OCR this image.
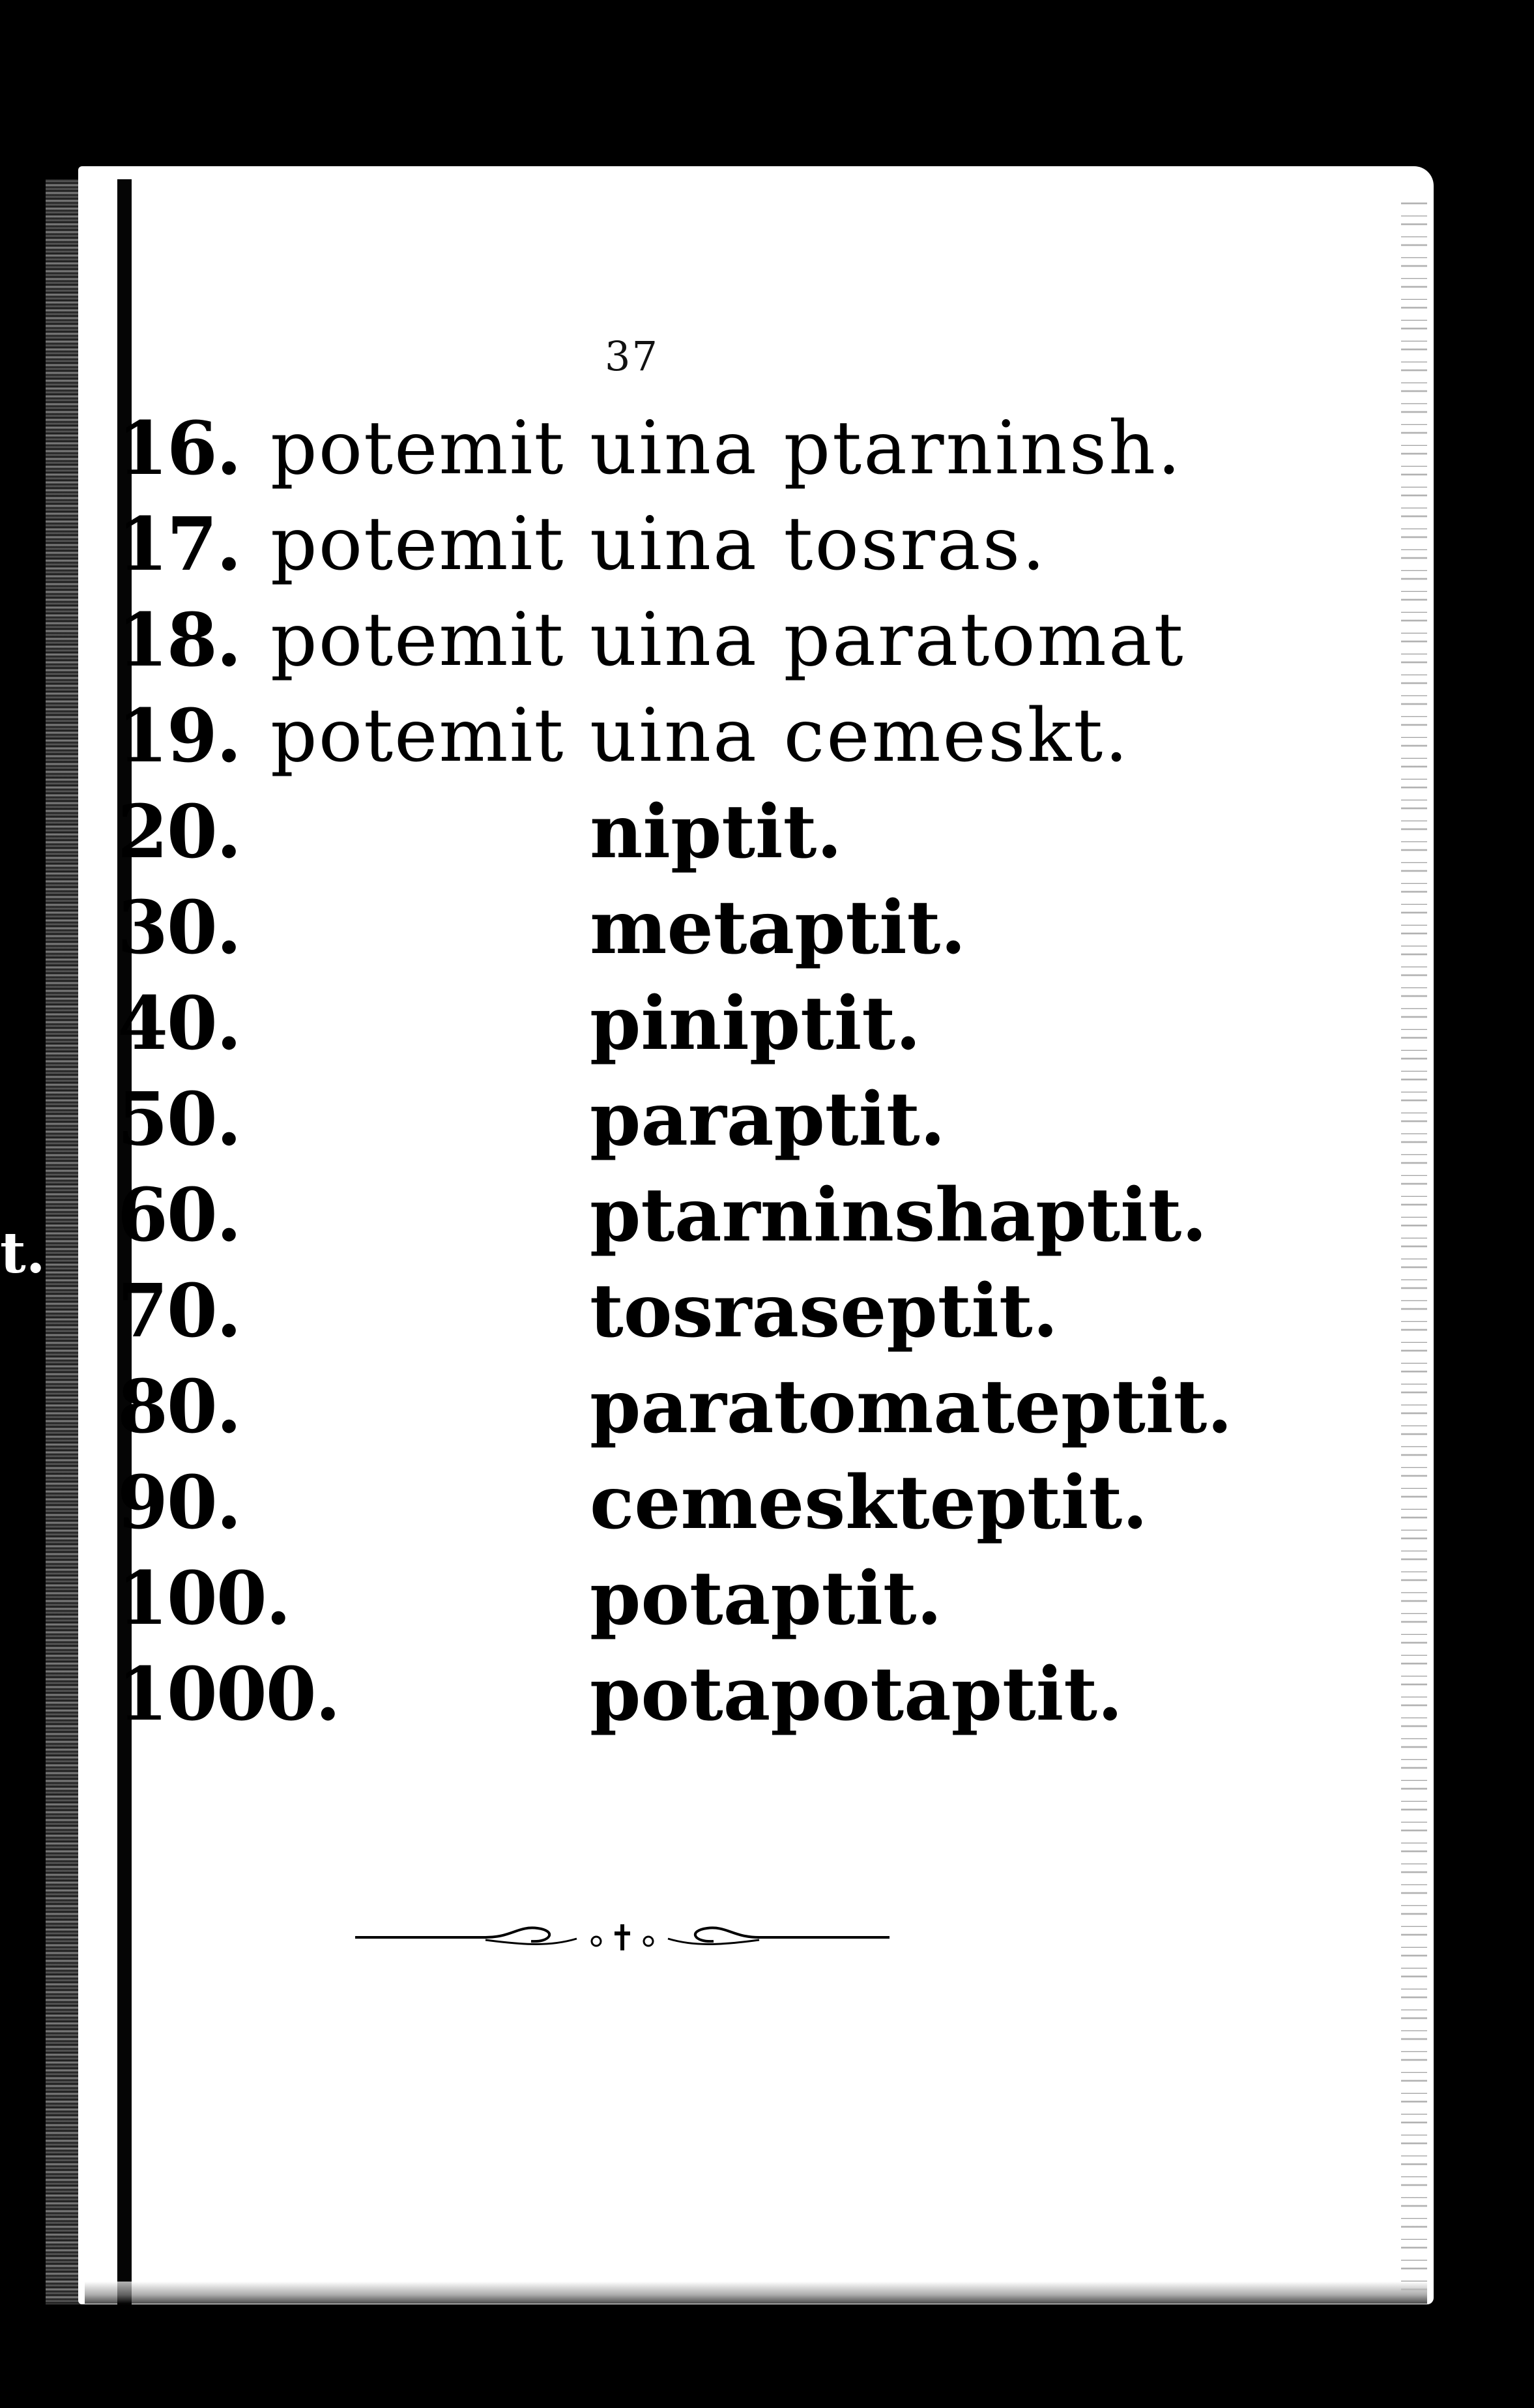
t.
37
16. potemit uina ptarninsh.
17. potemit uina tosras.
18. potemit uina paratomat
19. potemit uina cemeskt.
20.	niptit.
30.	metaptit.
40.	piniptit.
50.	paraptit.
60.	ptarninshaptit.
70.	tosraseptit.
80.	paratomateptit.
90.	cemeskteptit.
100.	potaptit.
1000.	potapotaptit.
